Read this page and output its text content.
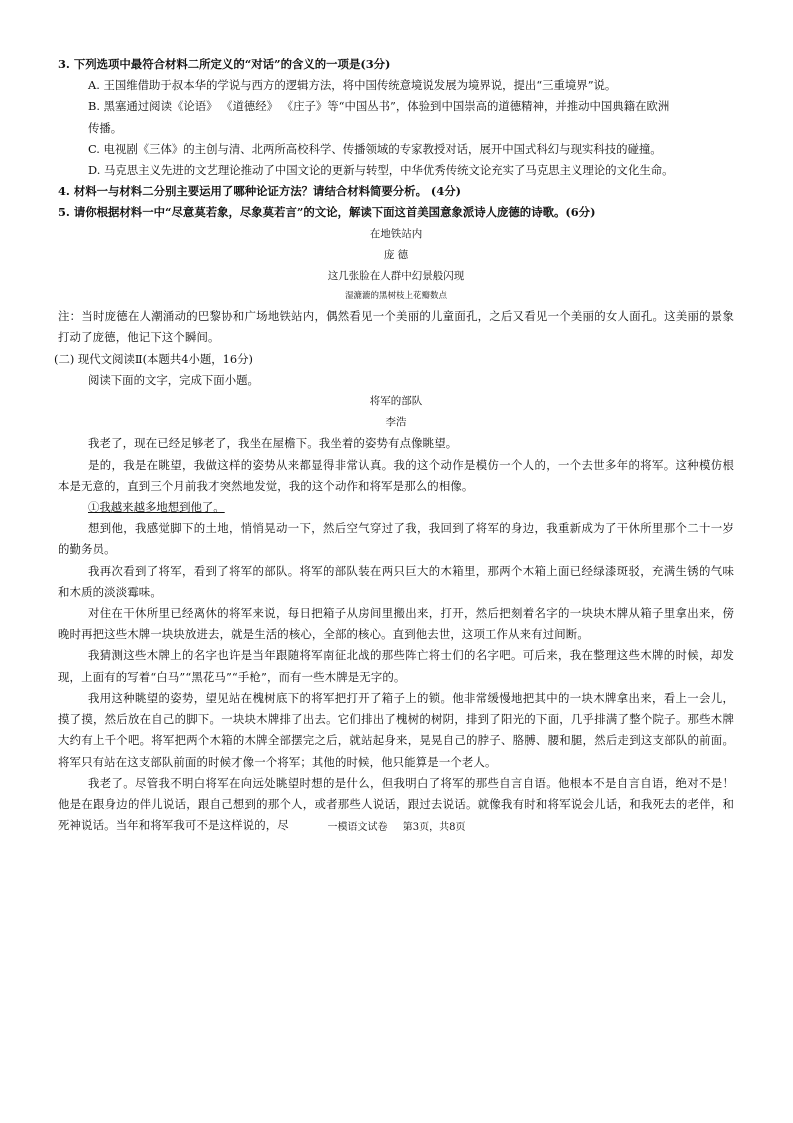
3. 下列选项中最符合材料二所定义的“对话”的含义的一项是(3分)
A. 王国维借助于叔本华的学说与西方的逻辑方法，将中国传统意境说发展为境界说，提出“三重境界”说。
B. 黑塞通过阅读《论语》 《道德经》 《庄子》等“中国丛书”，体验到中国崇高的道德精神，并推动中国典籍在欧洲
传播。
C. 电视剧《三体》的主创与清、北两所高校科学、传播领域的专家教授对话，展开中国式科幻与现实科技的碰撞。
D. 马克思主义先进的文艺理论推动了中国文论的更新与转型，中华优秀传统文论充实了马克思主义理论的文化生命。
4. 材料一与材料二分别主要运用了哪种论证方法？请结合材料简要分析。 (4分)
5. 请你根据材料一中“尽意莫若象，尽象莫若言”的文论，解读下面这首美国意象派诗人庞德的诗歌。(6分)
在地铁站内
庞 德
这几张脸在人群中幻景般闪现
湿漉漉的黑树枝上花瓣数点
注：当时庞德在人潮涌动的巴黎协和广场地铁站内，偶然看见一个美丽的儿童面孔，之后又看见一个美丽的女人面孔。这美丽的景象打动了庞德，他记下这个瞬间。
(二) 现代文阅读Ⅱ(本题共4小题，16分)
阅读下面的文字，完成下面小题。
将军的部队
李浩
我老了，现在已经足够老了，我坐在屋檐下。我坐着的姿势有点像眺望。
是的，我是在眺望，我做这样的姿势从来都显得非常认真。我的这个动作是模仿一个人的，一个去世多年的将军。这种模仿根本是无意的，直到三个月前我才突然地发觉，我的这个动作和将军是那么的相像。
①我越来越多地想到他了。
想到他，我感觉脚下的土地，悄悄晃动一下，然后空气穿过了我，我回到了将军的身边，我重新成为了干休所里那个二十一岁的勤务员。
我再次看到了将军，看到了将军的部队。将军的部队装在两只巨大的木箱里，那两个木箱上面已经绿漆斑驳，充满生锈的气味和木质的淡淡霉味。
对住在干休所里已经离休的将军来说，每日把箱子从房间里搬出来，打开，然后把刻着名字的一块块木牌从箱子里拿出来，傍晚时再把这些木牌一块块放进去，就是生活的核心，全部的核心。直到他去世，这项工作从来有过间断。
我猜测这些木牌上的名字也许是当年跟随将军南征北战的那些阵亡将士们的名字吧。可后来，我在整理这些木牌的时候，却发现，上面有的写着“白马”“黑花马”“手枪”，而有一些木牌是无字的。
我用这种眺望的姿势，望见站在槐树底下的将军把打开了箱子上的锁。他非常缓慢地把其中的一块木牌拿出来，看上一会儿，摸了摸，然后放在自己的脚下。一块块木牌排了出去。它们排出了槐树的树阴，排到了阳光的下面，几乎排满了整个院子。那些木牌大约有上千个吧。将军把两个木箱的木牌全部摆完之后，就站起身来，晃晃自己的脖子、胳膊、腰和腿，然后走到这支部队的前面。将军只有站在这支部队前面的时候才像一个将军；其他的时候，他只能算是一个老人。
我老了。尽管我不明白将军在向远处眺望时想的是什么，但我明白了将军的那些自言自语。他根本不是自言自语，绝对不是！他是在跟身边的伴儿说话，跟自己想到的那个人，或者那些人说话，跟过去说话。就像我有时和将军说会儿话，和我死去的老伴，和死神说话。当年和将军我可不是这样说的，尽	一模语文试卷 第3页，共8页
